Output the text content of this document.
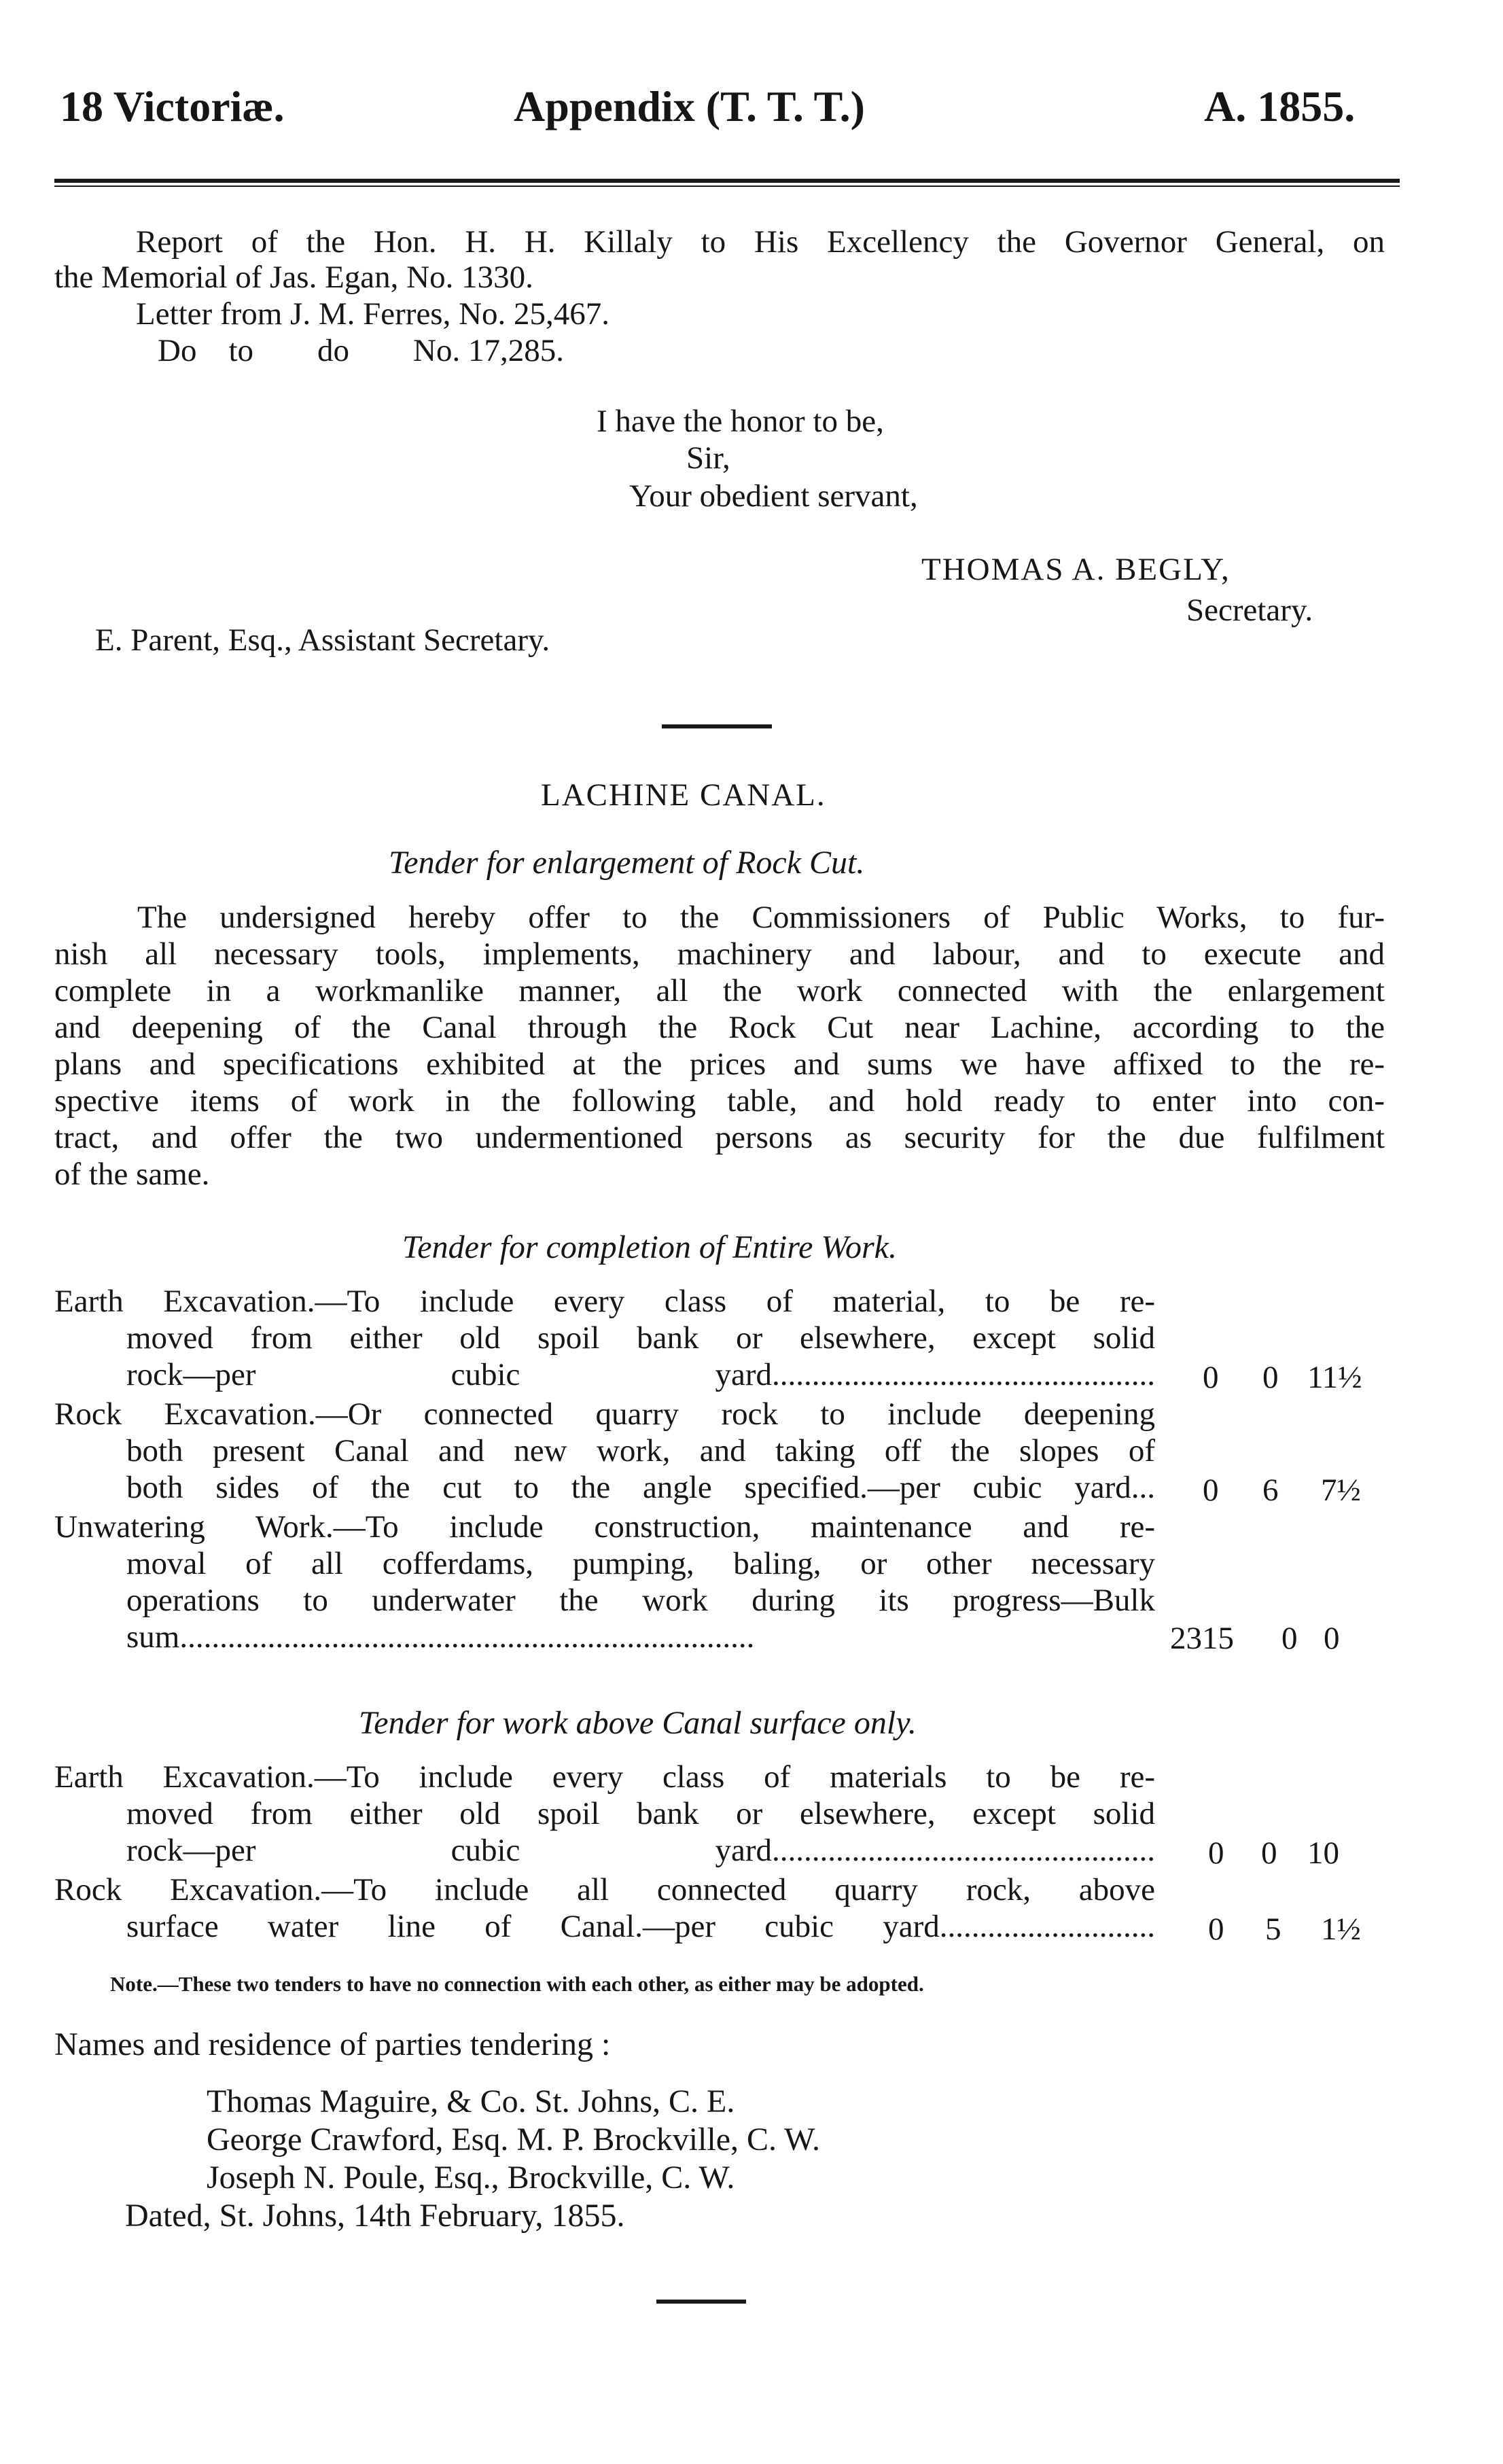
18 Victoriæ.	Appendix (T. T. T.)	A. 1855.
Report of the Hon. H. H. Killaly to His Excellency the Governor General, on
the Memorial of Jas. Egan, No. 1330.
Letter from J. M. Ferres, No. 25,467.
Do    to        do        No. 17,285.
I have the honor to be,
Sir,
Your obedient servant,
THOMAS A. BEGLY,
Secretary.
E. Parent, Esq., Assistant Secretary.
LACHINE CANAL.
Tender for enlargement of Rock Cut.
The undersigned hereby offer to the Commissioners of Public Works, to fur-
nish all necessary tools, implements, machinery and labour, and to execute and
complete in a workmanlike manner, all the work connected with the enlargement
and deepening of the Canal through the Rock Cut near Lachine, according to the
plans and specifications exhibited at the prices and sums we have affixed to the re-
spective items of work in the following table, and hold ready to enter into con-
tract, and offer the two undermentioned persons as security for the due fulfilment
of the same.
Tender for completion of Entire Work.
Earth Excavation.—To include every class of material, to be re-
moved from either old spoil bank or elsewhere, except solid
rock—per cubic yard................................................ 0 0 11½
Rock Excavation.—Or connected quarry rock to include deepening
both present Canal and new work, and taking off the slopes of
both sides of the cut to the angle specified.—per cubic yard... 0 6 7½
Unwatering Work.—To include construction, maintenance and re-
moval of all cofferdams, pumping, baling, or other necessary
operations to underwater the work during its progress—Bulk
sum........................................................................	2315 0 0
Tender for work above Canal surface only.
Earth Excavation.—To include every class of materials to be re-
moved from either old spoil bank or elsewhere, except solid
rock—per cubic yard................................................ 0 0 10
Rock Excavation.—To include all connected quarry rock, above
surface water line of Canal.—per cubic yard........................... 0 5 1½
Note.—These two tenders to have no connection with each other, as either may be adopted.
Names and residence of parties tendering :
Thomas Maguire, & Co. St. Johns, C. E.
George Crawford, Esq. M. P. Brockville, C. W.
Joseph N. Poule, Esq., Brockville, C. W.
Dated, St. Johns, 14th February, 1855.
